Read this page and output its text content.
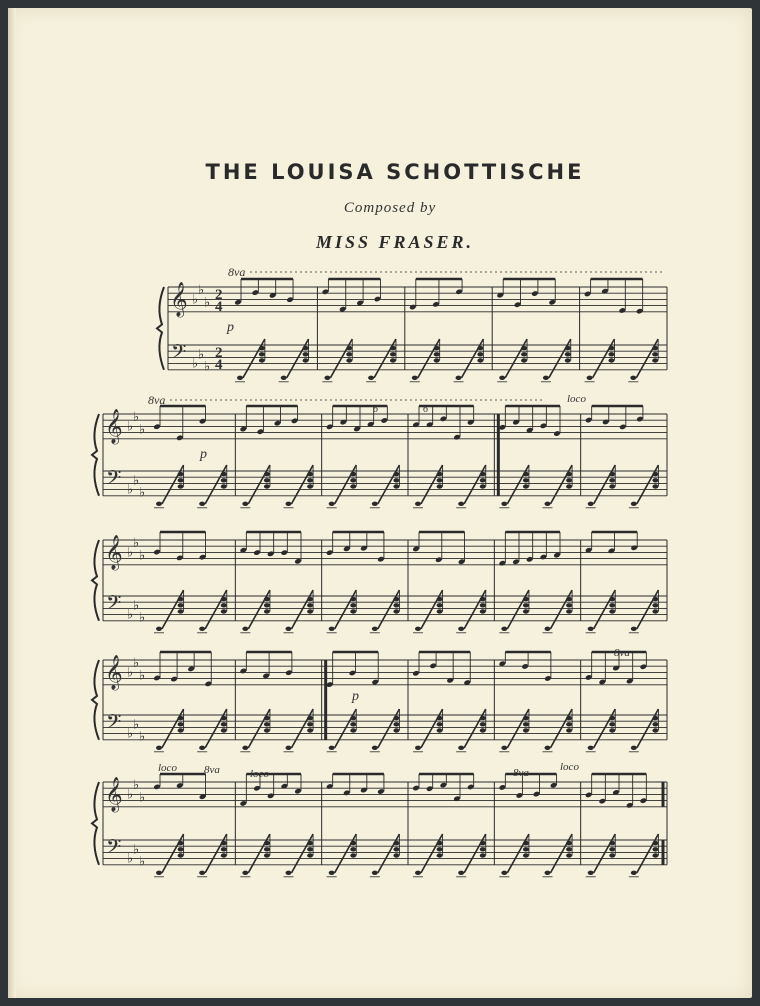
THE LOUISA SCHOTTISCHE
Composed by
MISS FRASER.
𝄞 ♭
♭
♭
𝄢 ♭
♭
♭
2
4
2
4
𝄞 ♭
♭
♭
𝄢 ♭
♭
♭
𝄞 ♭
♭
♭
𝄢 ♭
♭
♭
𝄞 ♭
♭
♭
𝄢 ♭
♭
♭
𝄞 ♭
♭
♭
𝄢 ♭
♭
♭
8va
8va	loco
8va
loco 8va	loco	8va	loco
p
p
p
6	6
